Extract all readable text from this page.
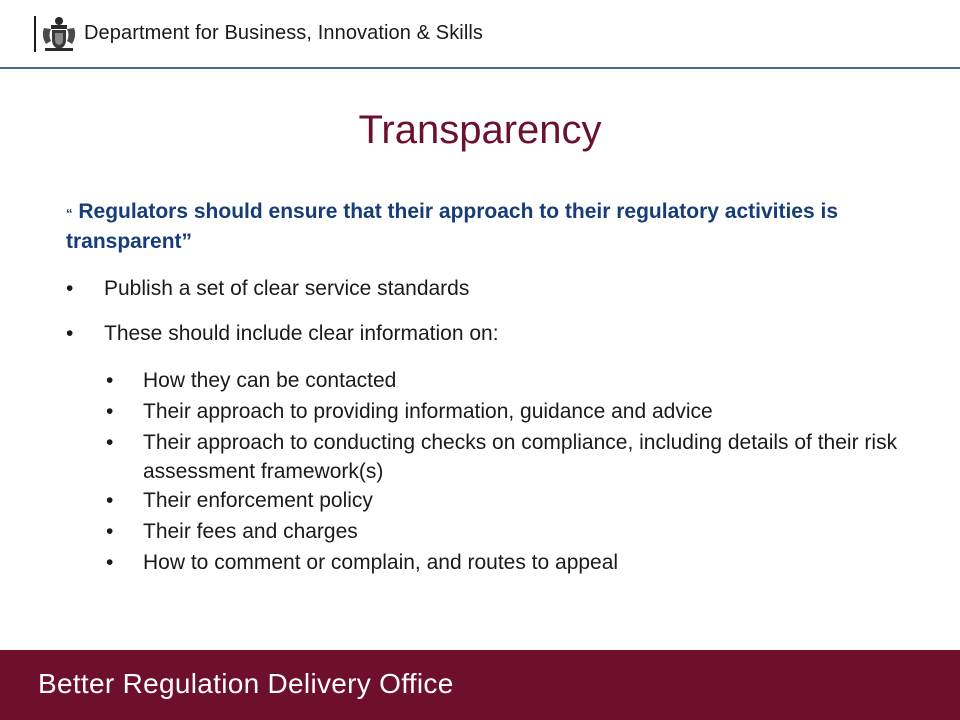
Department for Business, Innovation & Skills
Transparency
“ Regulators should ensure that their approach to their regulatory activities is transparent”
• Publish a set of clear service standards
• These should include clear information on:
• How they can be contacted
• Their approach to providing information, guidance and advice
• Their approach to conducting checks on compliance, including details of their risk assessment framework(s)
• Their enforcement policy
• Their fees and charges
• How to comment or complain, and routes to appeal
Better Regulation Delivery Office
